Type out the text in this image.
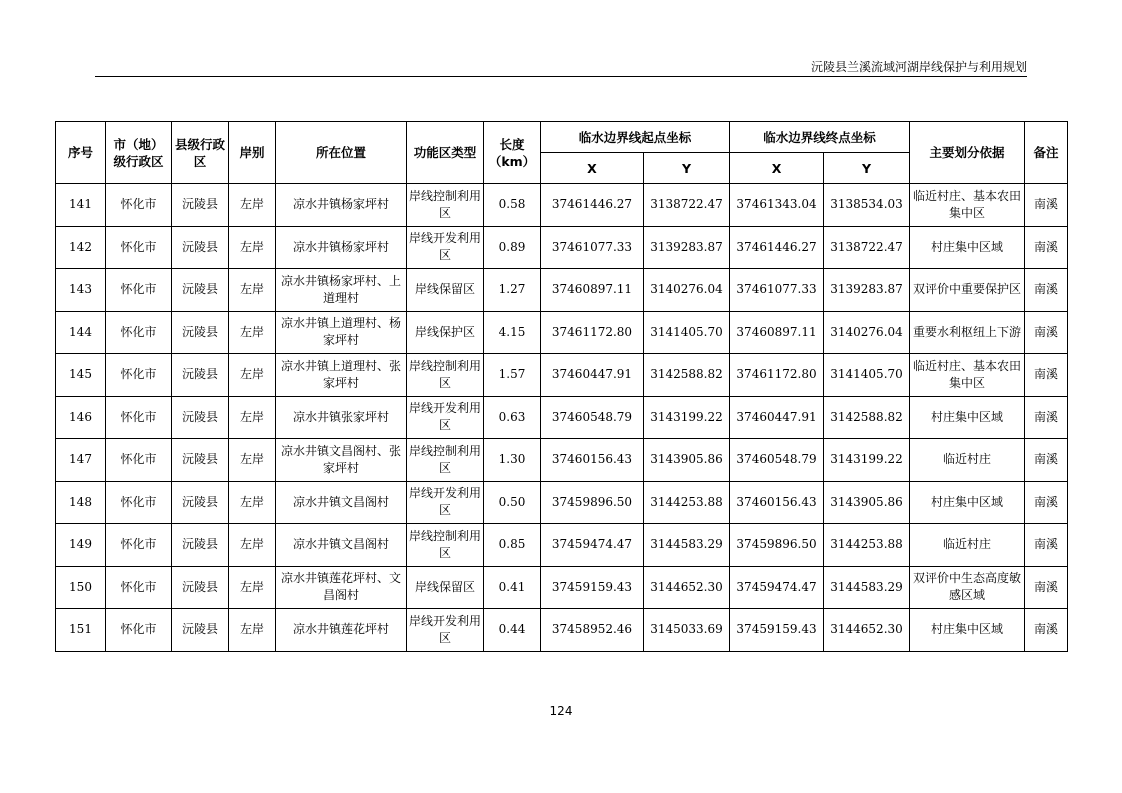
沅陵县兰溪流域河湖岸线保护与利用规划
序号	市（地）级行政区	县级行政区	岸别	所在位置	功能区类型	长度（km）	临水边界线起点坐标		临水边界线终点坐标		主要划分依据	备注
							X	Y	X	Y		
141	怀化市	沅陵县	左岸	凉水井镇杨家坪村	岸线控制利用区	0.58	37461446.27	3138722.47	37461343.04	3138534.03	临近村庄、基本农田集中区	南溪
142	怀化市	沅陵县	左岸	凉水井镇杨家坪村	岸线开发利用区	0.89	37461077.33	3139283.87	37461446.27	3138722.47	村庄集中区域	南溪
143	怀化市	沅陵县	左岸	凉水井镇杨家坪村、上道理村	岸线保留区	1.27	37460897.11	3140276.04	37461077.33	3139283.87	双评价中重要保护区	南溪
144	怀化市	沅陵县	左岸	凉水井镇上道理村、杨家坪村	岸线保护区	4.15	37461172.80	3141405.70	37460897.11	3140276.04	重要水利枢纽上下游	南溪
145	怀化市	沅陵县	左岸	凉水井镇上道理村、张家坪村	岸线控制利用区	1.57	37460447.91	3142588.82	37461172.80	3141405.70	临近村庄、基本农田集中区	南溪
146	怀化市	沅陵县	左岸	凉水井镇张家坪村	岸线开发利用区	0.63	37460548.79	3143199.22	37460447.91	3142588.82	村庄集中区域	南溪
147	怀化市	沅陵县	左岸	凉水井镇文昌阁村、张家坪村	岸线控制利用区	1.30	37460156.43	3143905.86	37460548.79	3143199.22	临近村庄	南溪
148	怀化市	沅陵县	左岸	凉水井镇文昌阁村	岸线开发利用区	0.50	37459896.50	3144253.88	37460156.43	3143905.86	村庄集中区域	南溪
149	怀化市	沅陵县	左岸	凉水井镇文昌阁村	岸线控制利用区	0.85	37459474.47	3144583.29	37459896.50	3144253.88	临近村庄	南溪
150	怀化市	沅陵县	左岸	凉水井镇莲花坪村、文昌阁村	岸线保留区	0.41	37459159.43	3144652.30	37459474.47	3144583.29	双评价中生态高度敏感区域	南溪
151	怀化市	沅陵县	左岸	凉水井镇莲花坪村	岸线开发利用区	0.44	37458952.46	3145033.69	37459159.43	3144652.30	村庄集中区域	南溪
124
